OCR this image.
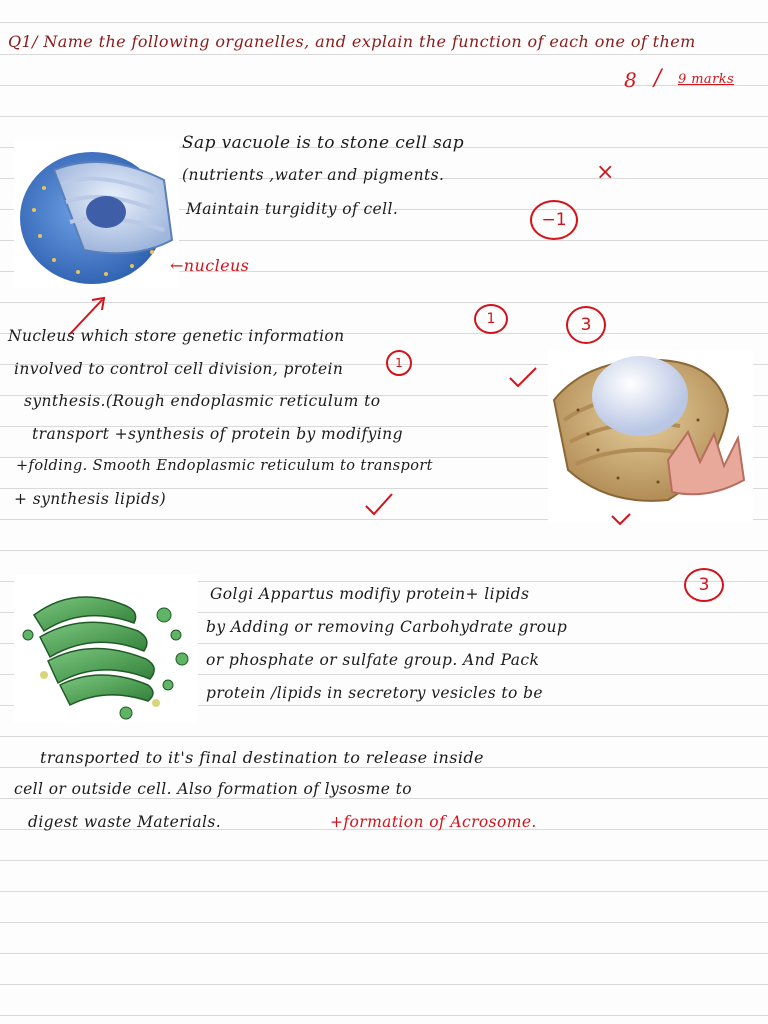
Q1/ Name the following organelles, and explain the function of each one of them
8 / 9 marks
Sap vacuole is to stone cell sap
(nutrients ,water and pigments.	×
Maintain turgidity of cell.
−1
←nucleus
Nucleus which store genetic information
1	3
involved to control cell division, protein	1
synthesis.(Rough endoplasmic reticulum to
transport +synthesis of protein by modifying
+folding. Smooth Endoplasmic reticulum to transport
+ synthesis lipids)
Golgi Appartus modifiy protein+ lipids	3
by Adding or removing Carbohydrate group
or phosphate or sulfate group. And Pack
protein /lipids in secretory vesicles to be
transported to it's final destination to release inside
cell or outside cell. Also formation of lysosme to
digest waste Materials.	+formation of Acrosome.
